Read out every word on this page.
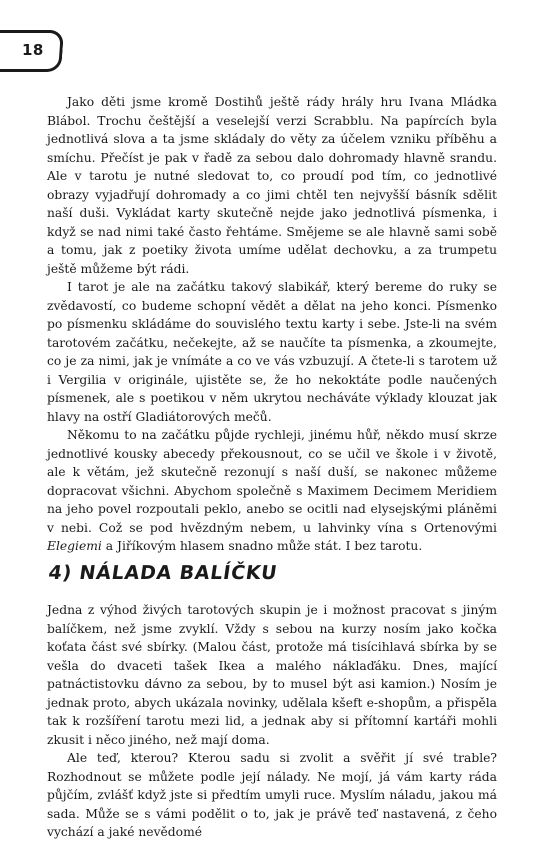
18

Jako děti jsme kromě Dostihů ještě rády hrály hru Ivana Mládka Blábol. Trochu češtější a veselejší verzi Scrabblu. Na papírcích byla jednotlivá slova a ta jsme skládaly do věty za účelem vzniku příběhu a smíchu. Přečíst je pak v řadě za sebou dalo dohromady hlavně srandu. Ale v tarotu je nutné sledovat to, co proudí pod tím, co jednotlivé obrazy vyjadřují dohromady a co jimi chtěl ten nejvyšší básník sdělit naší duši. Vykládat karty skutečně nejde jako jednotlivá písmenka, i když se nad nimi také často řehtáme. Smějeme se ale hlavně sami sobě a tomu, jak z poetiky života umíme udělat dechovku, a za trumpetu ještě můžeme být rádi.

I tarot je ale na začátku takový slabikář, který bereme do ruky se zvědavostí, co budeme schopní vědět a dělat na jeho konci. Písmenko po písmenku skládáme do souvislého textu karty i sebe. Jste-li na svém tarotovém začátku, nečekejte, až se naučíte ta písmenka, a zkoumejte, co je za nimi, jak je vnímáte a co ve vás vzbuzují. A čtete-li s tarotem už i Vergilia v originále, ujistěte se, že ho nekoktáte podle naučených písmenek, ale s poetikou v něm ukrytou necháváte výklady klouzat jak hlavy na ostří Gladiátorových mečů.

Někomu to na začátku půjde rychleji, jinému hůř, někdo musí skrze jednotlivé kousky abecedy překousnout, co se učil ve škole i v životě, ale k větám, jež skutečně rezonují s naší duší, se nakonec můžeme dopracovat všichni. Abychom společně s Maximem Decimem Meridiem na jeho povel rozpoutali peklo, anebo se ocitli nad elysejskými pláněmi v nebi. Což se pod hvězdným nebem, u lahvinky vína s Ortenovými Elegiemi a Jiříkovým hlasem snadno může stát. I bez tarotu.

4) NÁLADA BALÍČKU

Jedna z výhod živých tarotových skupin je i možnost pracovat s jiným balíčkem, než jsme zvyklí. Vždy s sebou na kurzy nosím jako kočka koťata část své sbírky. (Malou část, protože má tisícihlavá sbírka by se vešla do dvaceti tašek Ikea a malého náklaďáku. Dnes, mající patnáctistovku dávno za sebou, by to musel být asi kamion.) Nosím je jednak proto, abych ukázala novinky, udělala kšeft e-shopům, a přispěla tak k rozšíření tarotu mezi lid, a jednak aby si přítomní kartáři mohli zkusit i něco jiného, než mají doma.

Ale teď, kterou? Kterou sadu si zvolit a svěřit jí své trable? Rozhodnout se můžete podle její nálady. Ne mojí, já vám karty ráda půjčím, zvlášť když jste si předtím umyli ruce. Myslím náladu, jakou má sada. Může se s vámi podělit o to, jak je právě teď nastavená, z čeho vychází a jaké nevědomé
